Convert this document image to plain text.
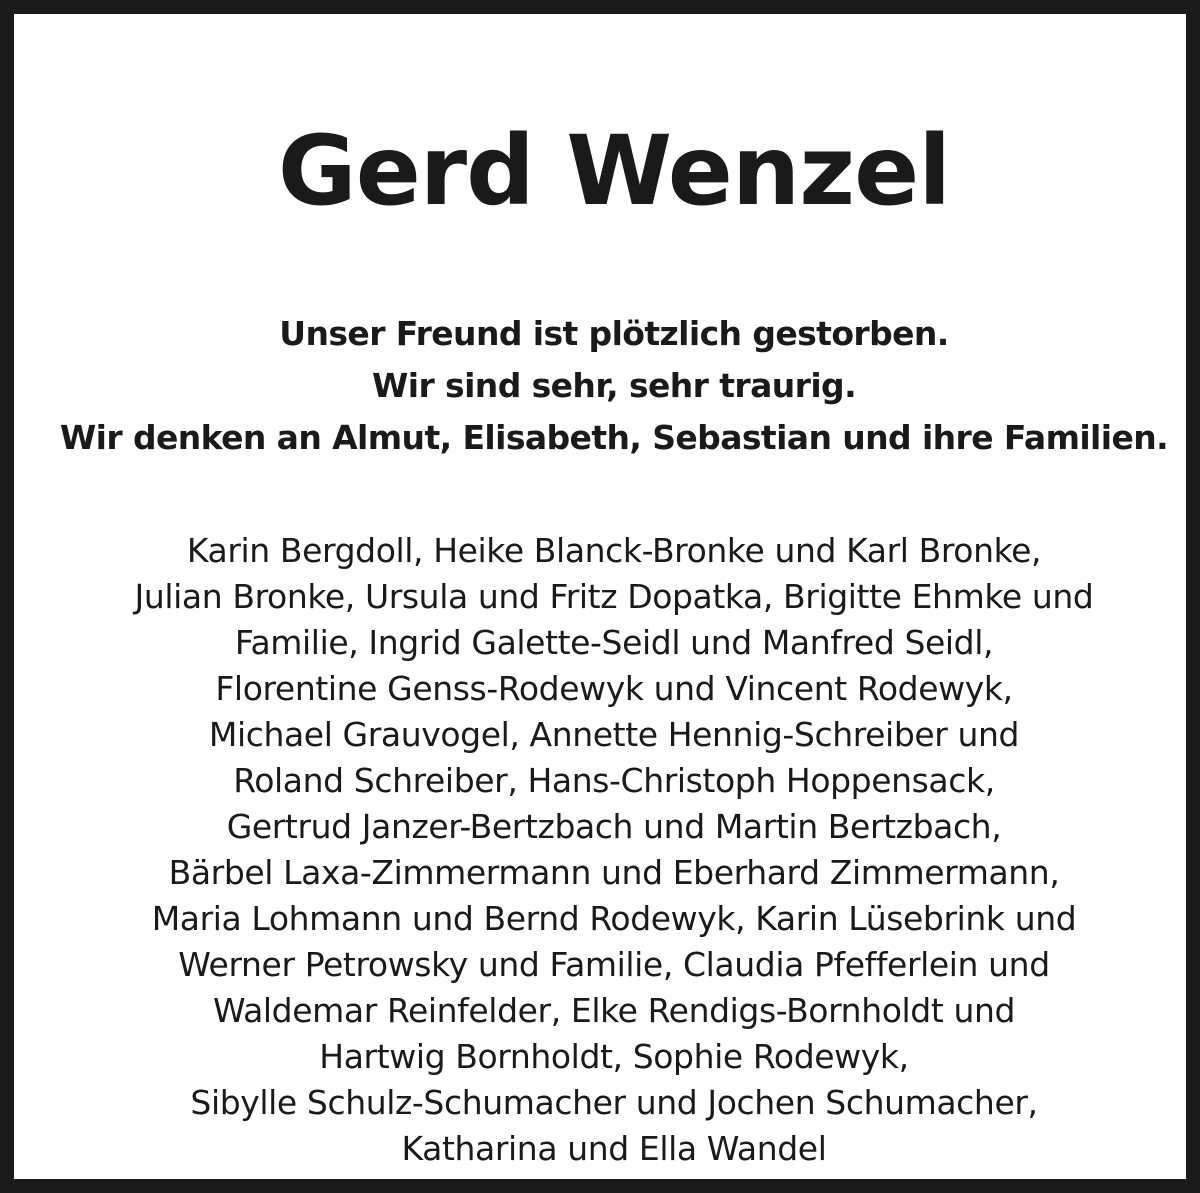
Gerd Wenzel
Unser Freund ist plötzlich gestorben.
Wir sind sehr, sehr traurig.
Wir denken an Almut, Elisabeth, Sebastian und ihre Familien.
Karin Bergdoll, Heike Blanck-Bronke und Karl Bronke,
Julian Bronke, Ursula und Fritz Dopatka, Brigitte Ehmke und
Familie, Ingrid Galette-Seidl und Manfred Seidl,
Florentine Genss-Rodewyk und Vincent Rodewyk,
Michael Grauvogel, Annette Hennig-Schreiber und
Roland Schreiber, Hans-Christoph Hoppensack,
Gertrud Janzer-Bertzbach und Martin Bertzbach,
Bärbel Laxa-Zimmermann und Eberhard Zimmermann,
Maria Lohmann und Bernd Rodewyk, Karin Lüsebrink und
Werner Petrowsky und Familie, Claudia Pfefferlein und
Waldemar Reinfelder, Elke Rendigs-Bornholdt und
Hartwig Bornholdt, Sophie Rodewyk,
Sibylle Schulz-Schumacher und Jochen Schumacher,
Katharina und Ella Wandel
